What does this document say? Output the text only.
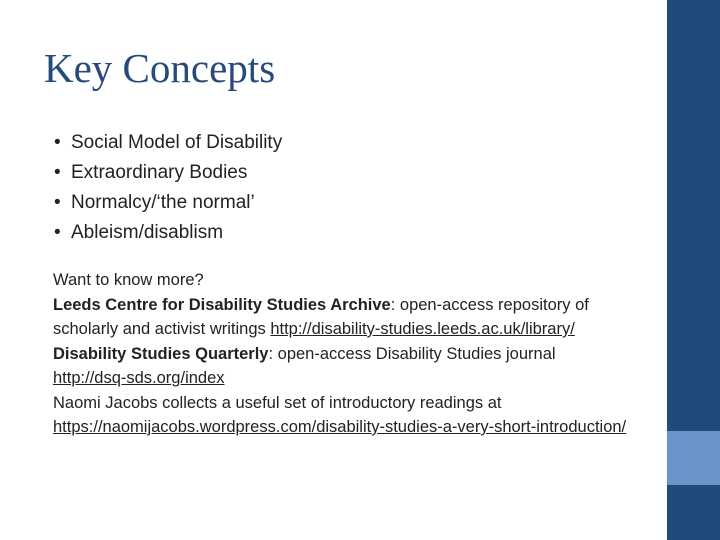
Key Concepts
• Social Model of Disability
• Extraordinary Bodies
• Normalcy/‘the normal’
• Ableism/disablism

Want to know more?

Leeds Centre for Disability Studies Archive: open-access repository of scholarly and activist writings http://disability-studies.leeds.ac.uk/library/

Disability Studies Quarterly: open-access Disability Studies journal
http://dsq-sds.org/index

Naomi Jacobs collects a useful set of introductory readings at
https://naomijacobs.wordpress.com/disability-studies-a-very-short-introduction/
